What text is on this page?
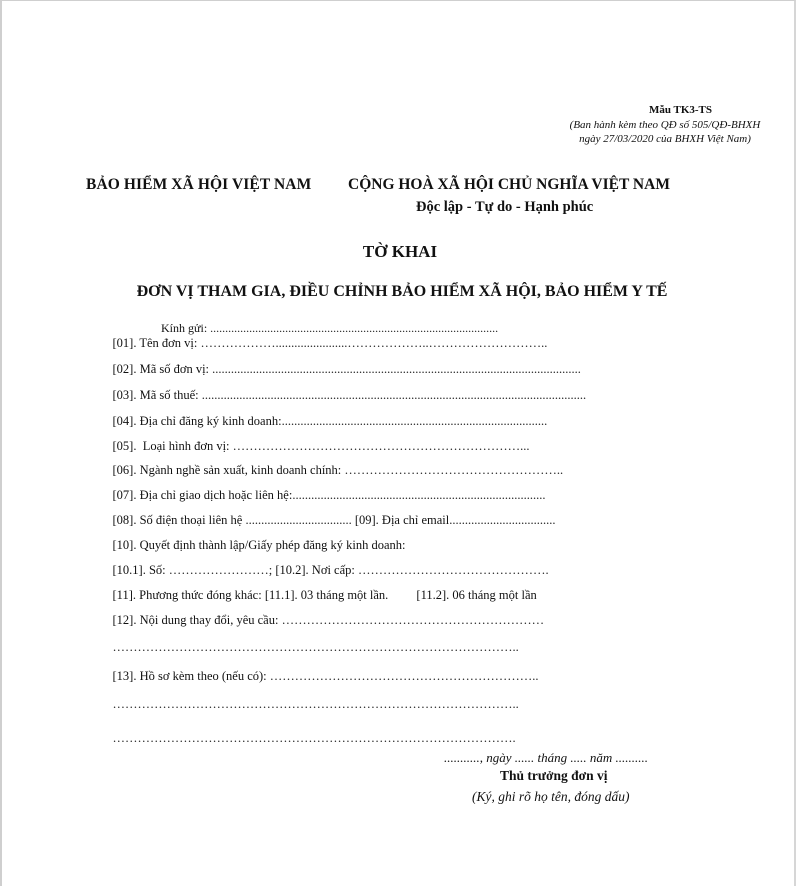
Mẫu TK3-TS
(Ban hành kèm theo QĐ số 505/QĐ-BHXH
ngày 27/03/2020 của BHXH Việt Nam)
BẢO HIỂM XÃ HỘI VIỆT NAM CỘNG HOÀ XÃ HỘI CHỦ NGHĨA VIỆT NAM
Độc lập - Tự do - Hạnh phúc
TỜ KHAI
ĐƠN VỊ THAM GIA, ĐIỀU CHỈNH BẢO HIỂM XÃ HỘI, BẢO HIỂM Y TẾ

Kính gửi: ................................................................................................

[01]. Tên đơn vị: ……………….......................………………..………………………..

[02]. Mã số đơn vị: ......................................................................................................................

[03]. Mã số thuế: ...........................................................................................................................

[04]. Địa chỉ đăng ký kinh doanh:.....................................................................................

[05].  Loại hình đơn vị: ……………………………………………………………...

[06]. Ngành nghề sản xuất, kinh doanh chính: ……………………………………………..

[07]. Địa chỉ giao dịch hoặc liên hệ:.................................................................................

[08]. Số điện thoại liên hệ .................................. [09]. Địa chỉ email..................................

[10]. Quyết định thành lập/Giấy phép đăng ký kinh doanh:

[10.1]. Số: ……………………; [10.2]. Nơi cấp: ……………………………………….

[11]. Phương thức đóng khác: [11.1]. 03 tháng một lần.         [11.2]. 06 tháng một lần

[12]. Nội dung thay đổi, yêu cầu: ………………………………………………………

……………………………………………………………………………………..

[13]. Hồ sơ kèm theo (nếu có): ………………………………………………………..

……………………………………………………………………………………..

…………………………………………………………………………………….

..........., ngày ...... tháng ..... năm ..........
Thủ trưởng đơn vị
(Ký, ghi rõ họ tên, đóng dấu)
